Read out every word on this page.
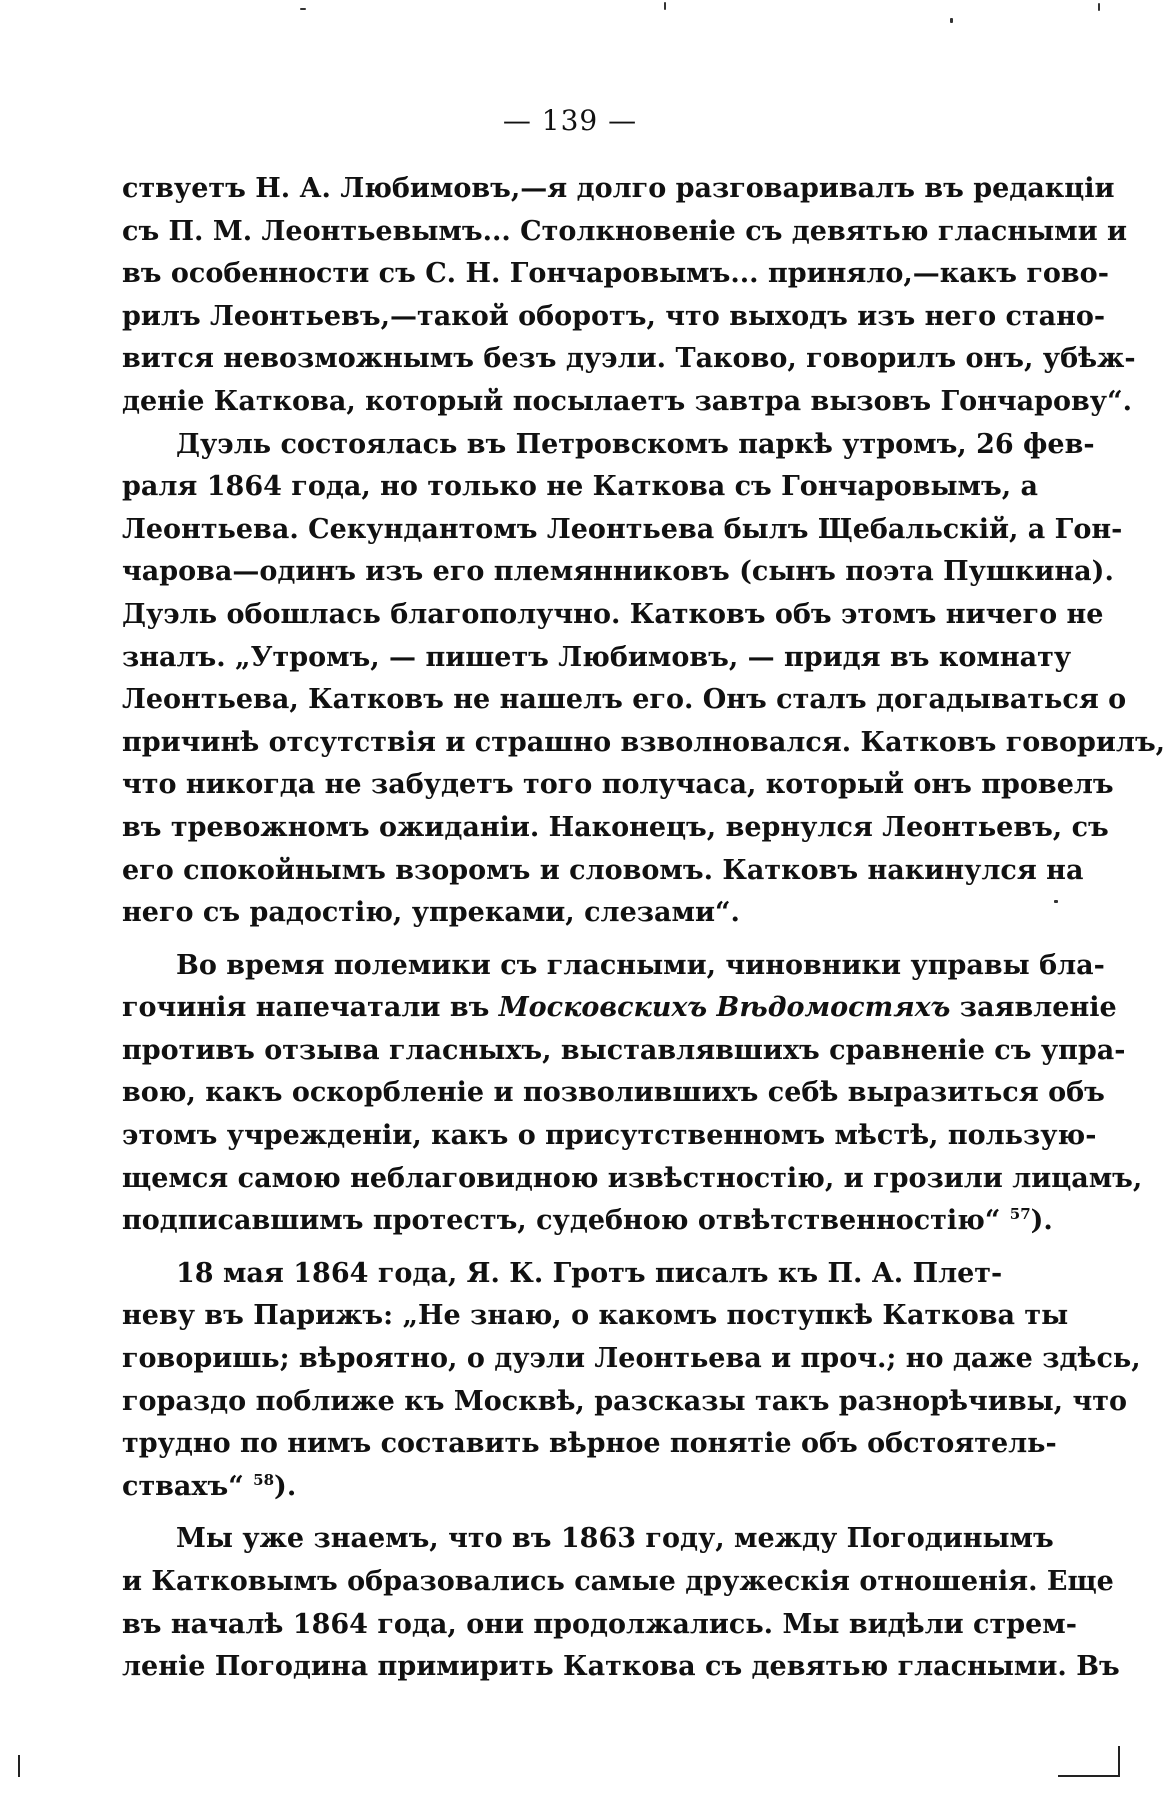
— 139 —
ствуетъ Н. А. Любимовъ,—я долго разговаривалъ въ редакціи
съ П. М. Леонтьевымъ... Столкновеніе съ девятью гласными и
въ особенности съ С. Н. Гончаровымъ... приняло,—какъ гово-
рилъ Леонтьевъ,—такой оборотъ, что выходъ изъ него стано-
вится невозможнымъ безъ дуэли. Таково, говорилъ онъ, убѣж-
деніе Каткова, который посылаетъ завтра вызовъ Гончарову“.
Дуэль состоялась въ Петровскомъ паркѣ утромъ, 26 фев-
раля 1864 года, но только не Каткова съ Гончаровымъ, а
Леонтьева. Секундантомъ Леонтьева былъ Щебальскій, а Гон-
чарова—одинъ изъ его племянниковъ (сынъ поэта Пушкина).
Дуэль обошлась благополучно. Катковъ объ этомъ ничего не
зналъ. „Утромъ, — пишетъ Любимовъ, — придя въ комнату
Леонтьева, Катковъ не нашелъ его. Онъ сталъ догадываться о
причинѣ отсутствія и страшно взволновался. Катковъ говорилъ,
что никогда не забудетъ того получаса, который онъ провелъ
въ тревожномъ ожиданіи. Наконецъ, вернулся Леонтьевъ, съ
его спокойнымъ взоромъ и словомъ. Катковъ накинулся на
него съ радостію, упреками, слезами“.
Во время полемики съ гласными, чиновники управы бла-
гочинія напечатали въ Московскихъ Вѣдомостяхъ заявленіе
противъ отзыва гласныхъ, выставлявшихъ сравненіе съ упра-
вою, какъ оскорбленіе и позволившихъ себѣ выразиться объ
этомъ учрежденіи, какъ о присутственномъ мѣстѣ, пользую-
щемся самою неблаговидною извѣстностію, и грозили лицамъ,
подписавшимъ протестъ, судебною отвѣтственностію“ $^{57}$).
18 мая 1864 года, Я. К. Гротъ писалъ къ П. А. Плет-
неву въ Парижъ: „Не знаю, о какомъ поступкѣ Каткова ты
говоришь; вѣроятно, о дуэли Леонтьева и проч.; но даже здѣсь,
гораздо поближе къ Москвѣ, разсказы такъ разнорѣчивы, что
трудно по нимъ составить вѣрное понятіе объ обстоятель-
ствахъ“ $^{58}$).
Мы уже знаемъ, что въ 1863 году, между Погодинымъ
и Катковымъ образовались самые дружескія отношенія. Еще
въ началѣ 1864 года, они продолжались. Мы видѣли стрем-
леніе Погодина примирить Каткова съ девятью гласными. Въ
